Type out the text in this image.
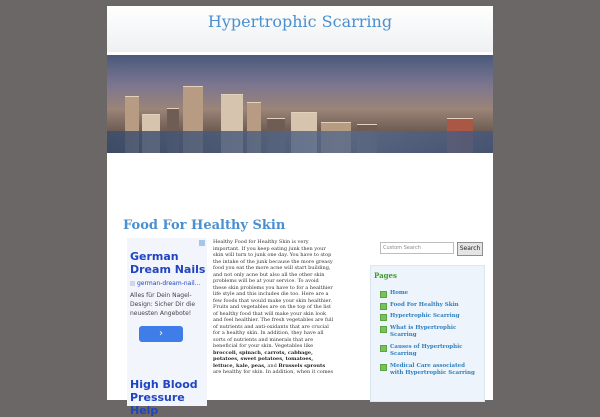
Hypertrophic Scarring
Food For Healthy Skin
German Dream Nails
german-dream-nail...
Alles für Dein Nagel-Design: Sicher Dir die neuesten Angebote!
›
High Blood Pressure Help

Healthy Food for Healthy Skin is very
important. If you keep eating junk then your
skin will turn to junk one day. You have to stop
the intake of the junk because the more greasy
food you eat the more acne will start building,
and not only acne but also all the other skin
problems will be at your service. To avoid
these skin problems you have to for a healthier
life style and this includes die too. Here are a
few foods that would make your skin healthier.
Fruits and vegetables are on the top of the list
of healthy food that will make your skin look
and feel healthier. The fresh vegetables are full
of nutrients and anti-oxidants that are crucial
for a healthy skin. In addition, they have all
sorts of nutrients and minerals that are
beneficial for your skin. Vegetables like
broccoli, spinach, carrots, cabbage,
potatoes, sweet potatoes, tomatoes,
lettuce, kale, peas, and Brussels sprouts
are healthy for skin. In addition, when it comes

Custom Search	Search
Pages
Home
Food For Healthy Skin
Hypertrophic Scarring
What is Hypertrophic Scarring
Causes of Hypertrophic Scarring
Medical Care associated with Hypertrophic Scarring
